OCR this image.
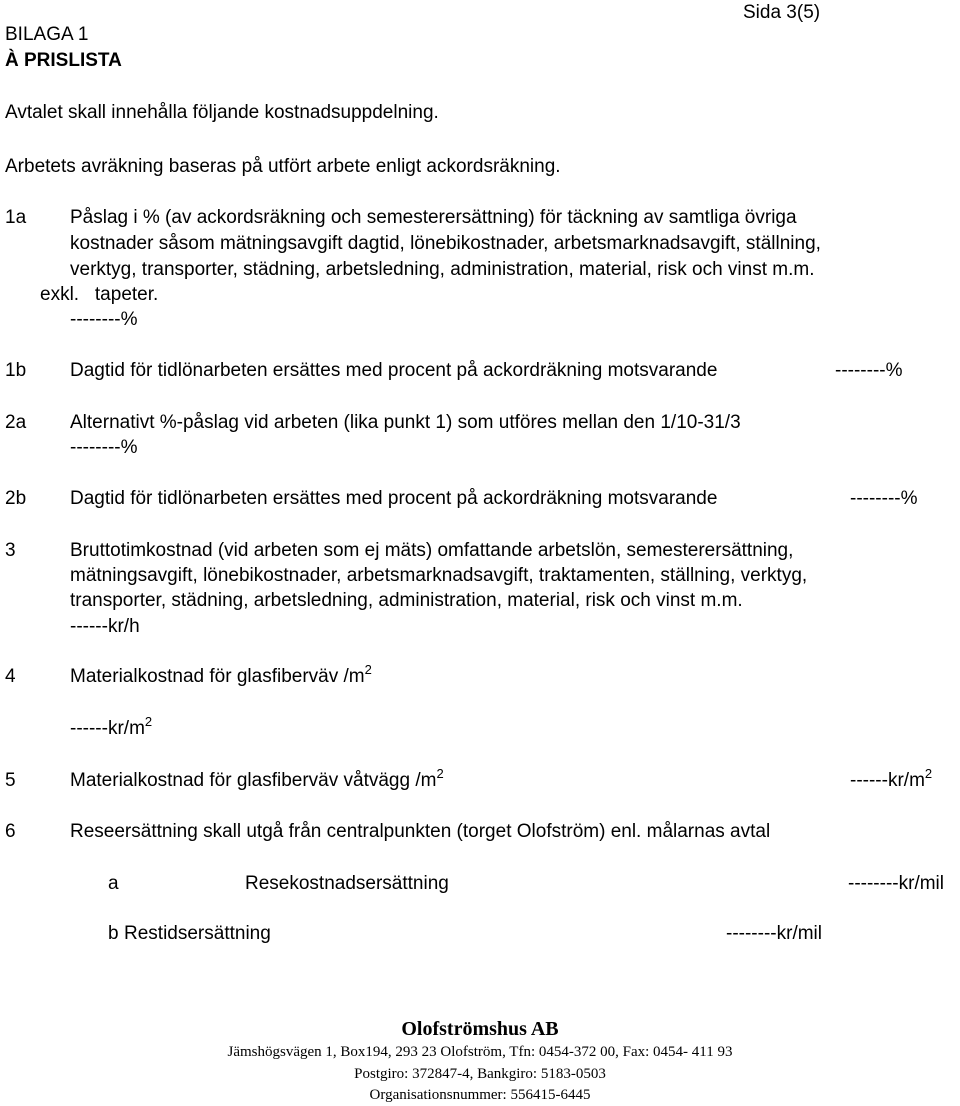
BILAGA 1
À PRISLISTA
Sida 3(5)
Avtalet skall innehålla följande kostnadsuppdelning.
Arbetets avräkning baseras på utfört arbete enligt ackordsräkning.
1a Påslag i % (av ackordsräkning och semesterersättning) för täckning av samtliga övriga
kostnader såsom mätningsavgift dagtid, lönebikostnader, arbetsmarknadsavgift, ställning,
verktyg, transporter, städning, arbetsledning, administration, material, risk och vinst m.m.
exkl.   tapeter.
--------%
1b Dagtid för tidlönarbeten ersättes med procent på ackordräkning motsvarande	--------%
2a Alternativt %-påslag vid arbeten (lika punkt 1) som utföres mellan den 1/10-31/3
--------%
2b Dagtid för tidlönarbeten ersättes med procent på ackordräkning motsvarande	--------%
3	Bruttotimkostnad (vid arbeten som ej mäts) omfattande arbetslön, semesterersättning,
mätningsavgift, lönebikostnader, arbetsmarknadsavgift, traktamenten, ställning, verktyg,
transporter, städning, arbetsledning, administration, material, risk och vinst m.m.
------kr/h
4	Materialkostnad för glasfiberväv $/m^2$
$------kr/m^2$
5	Materialkostnad för glasfiberväv våtvägg $/m^2$	$------kr/m^2$
6	Reseersättning skall utgå från centralpunkten (torget Olofström) enl. målarnas avtal
a	Resekostnadsersättning	--------kr/mil
b Restidsersättning	--------kr/mil
Olofströmshus AB
Jämshögsvägen 1, Box194, 293 23 Olofström, Tfn: 0454-372 00, Fax: 0454- 411 93
Postgiro: 372847-4, Bankgiro: 5183-0503
Organisationsnummer: 556415-6445
